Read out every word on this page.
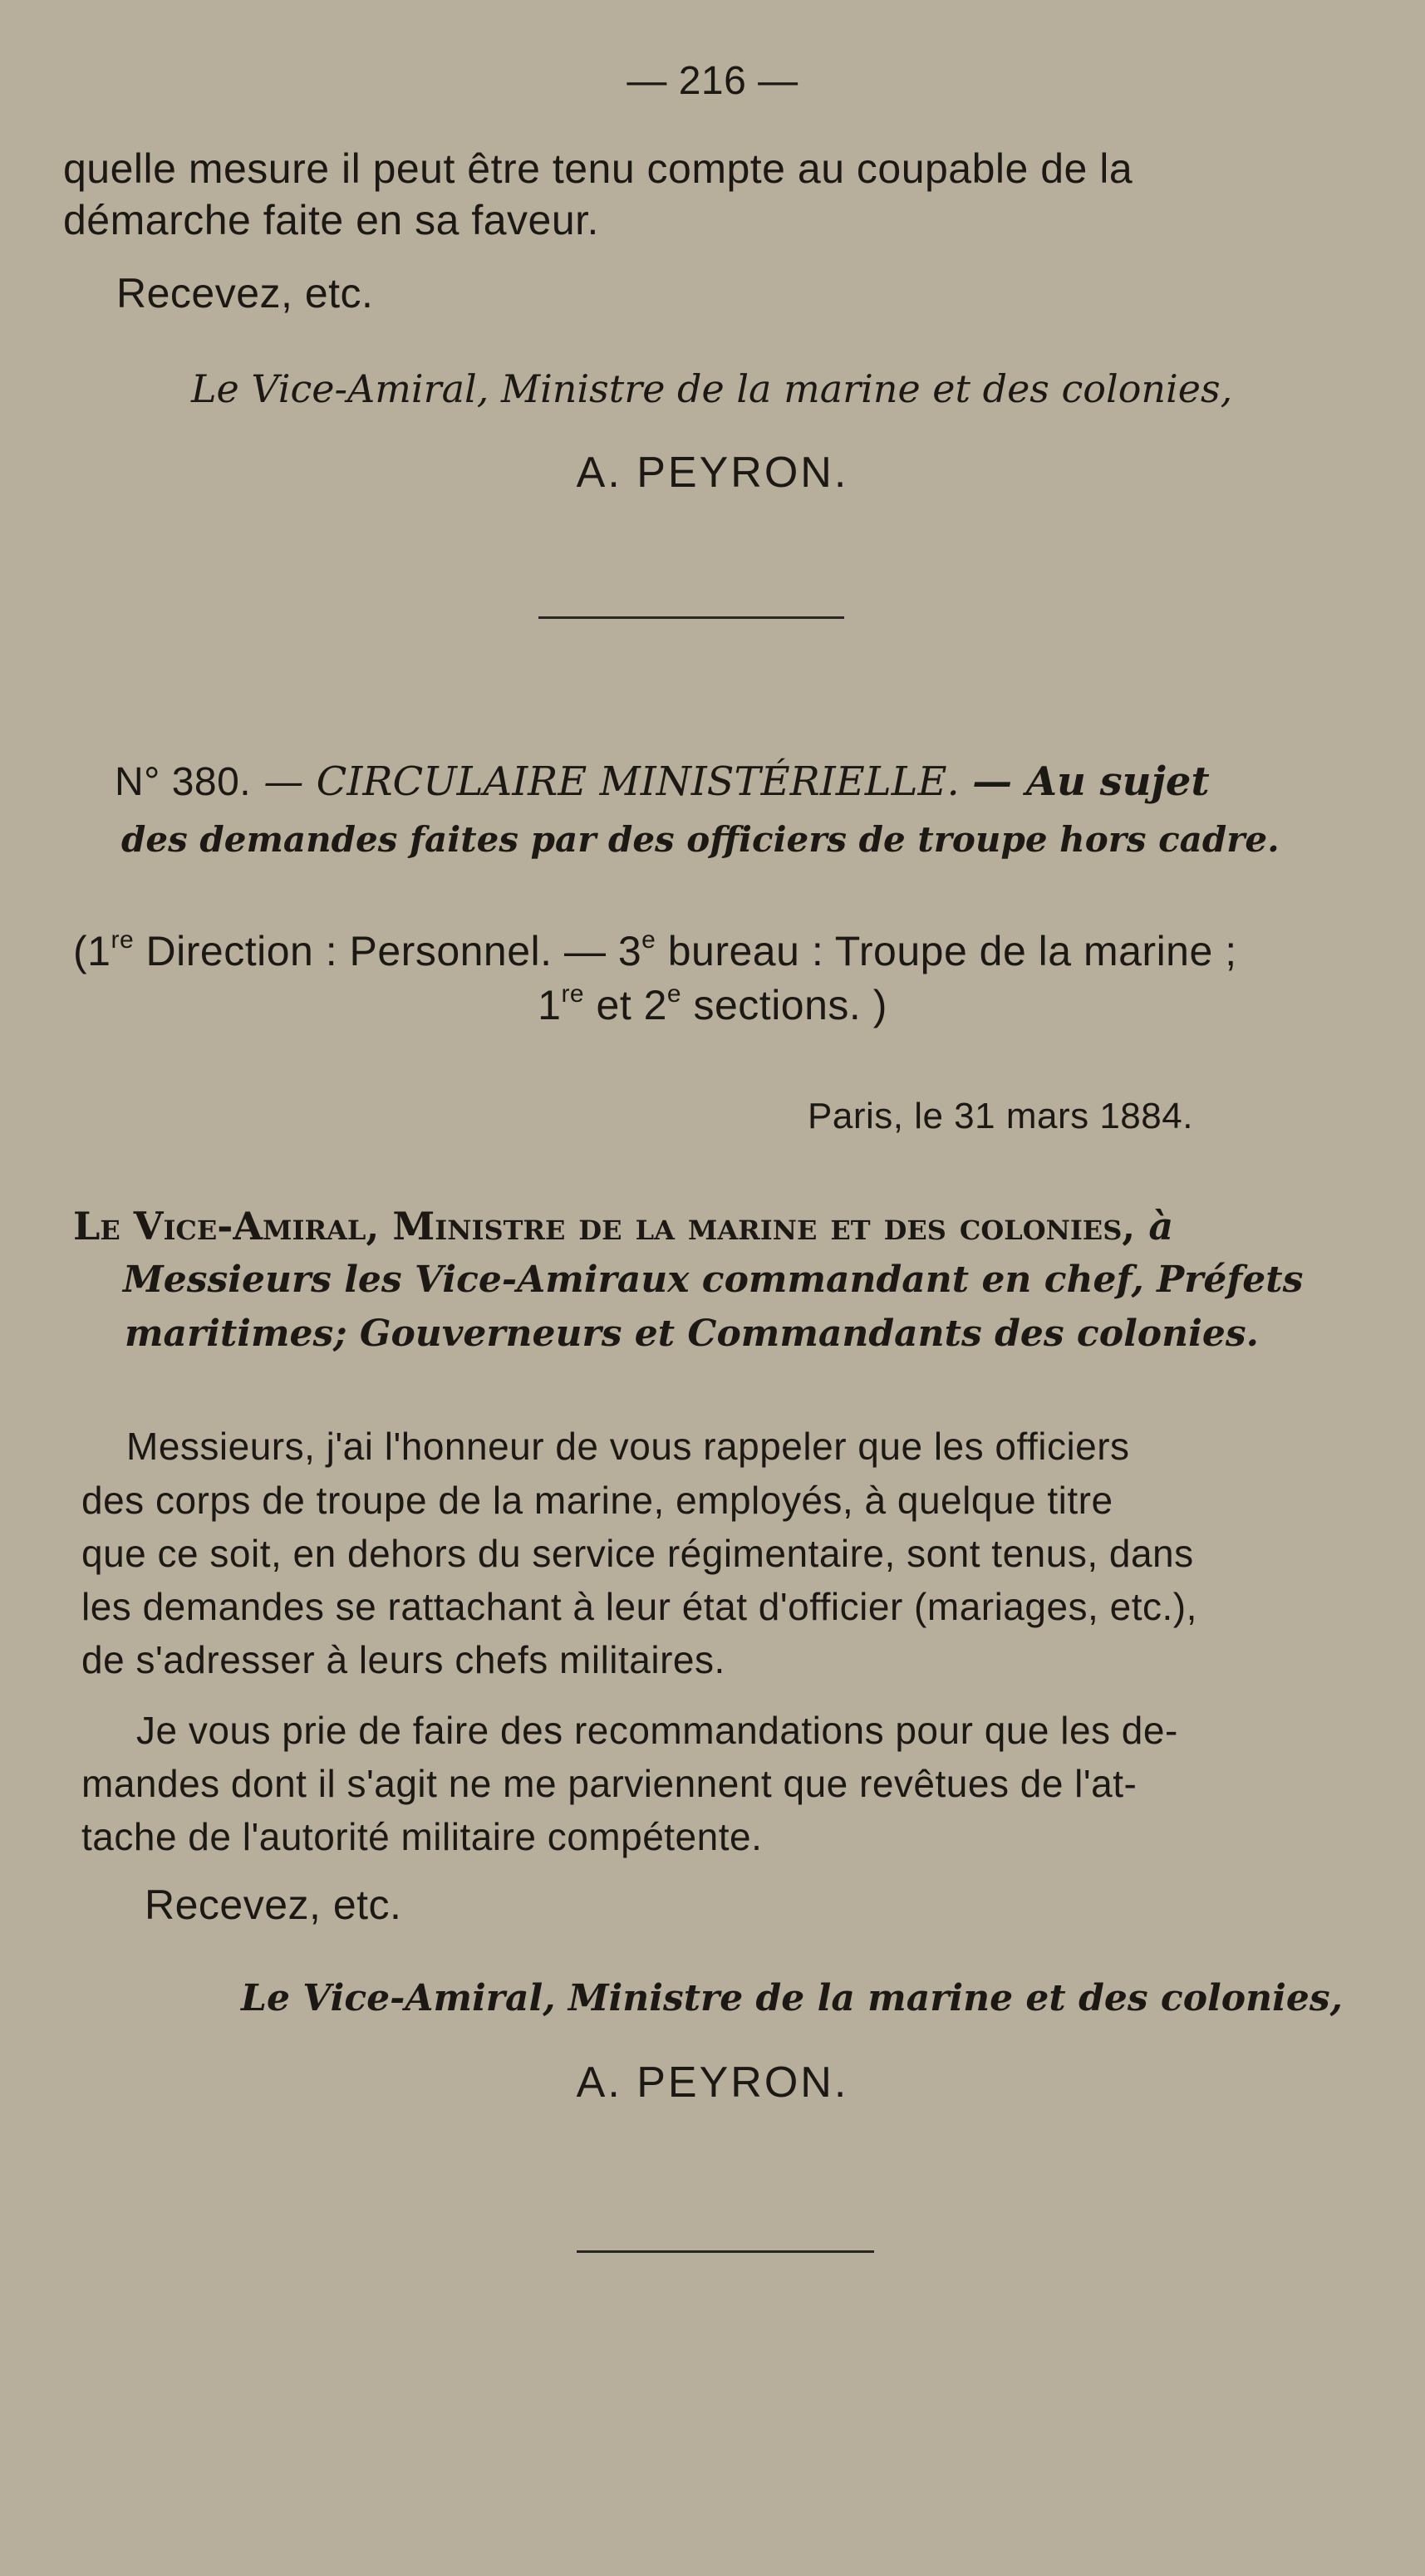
— 216 —
quelle mesure il peut être tenu compte au coupable de la
démarche faite en sa faveur.
Recevez, etc.
Le Vice-Amiral, Ministre de la marine et des colonies,
A. PEYRON.
N° 380. — CIRCULAIRE MINISTÉRIELLE. — Au sujet
des demandes faites par des officiers de troupe hors cadre.
(1re Direction : Personnel. — 3e bureau : Troupe de la marine ;
1re et 2e sections. )
Paris, le 31 mars 1884.
Le Vice-Amiral, Ministre de la marine et des colonies, à
Messieurs les Vice-Amiraux commandant en chef, Préfets
maritimes; Gouverneurs et Commandants des colonies.
Messieurs, j'ai l'honneur de vous rappeler que les officiers
des corps de troupe de la marine, employés, à quelque titre
que ce soit, en dehors du service régimentaire, sont tenus, dans
les demandes se rattachant à leur état d'officier (mariages, etc.),
de s'adresser à leurs chefs militaires.
Je vous prie de faire des recommandations pour que les de-
mandes dont il s'agit ne me parviennent que revêtues de l'at-
tache de l'autorité militaire compétente.
Recevez, etc.
Le Vice-Amiral, Ministre de la marine et des colonies,
A. PEYRON.
